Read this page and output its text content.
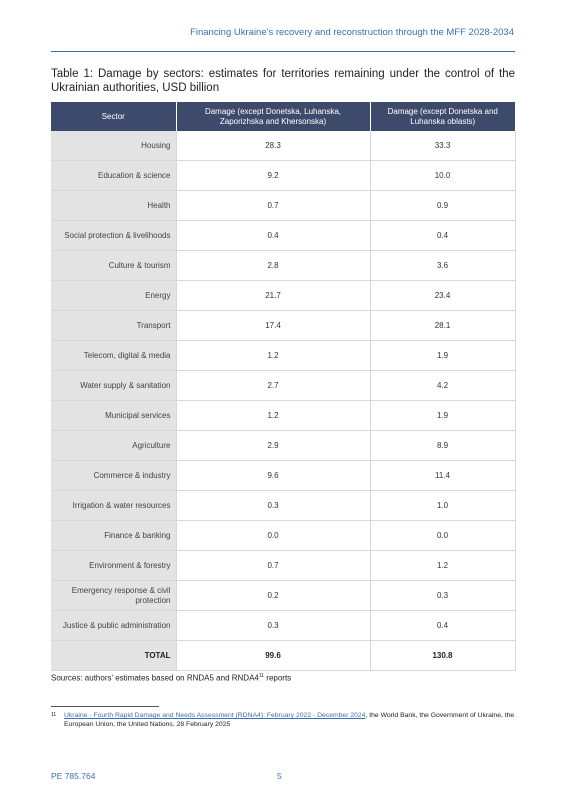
Financing Ukraine's recovery and reconstruction through the MFF 2028-2034
Table 1: Damage by sectors: estimates for territories remaining under the control of the Ukrainian authorities, USD billion
Sector	Damage (except Donetska, Luhanska, Zaporizhska and Khersonska)	Damage (except Donetska and Luhanska oblasts)
Housing	28.3	33.3
Education & science	9.2	10.0
Health	0.7	0.9
Social protection & livelihoods	0.4	0.4
Culture & tourism	2.8	3.6
Energy	21.7	23.4
Transport	17.4	28.1
Telecom, digital & media	1.2	1.9
Water supply & sanitation	2.7	4.2
Municipal services	1.2	1.9
Agriculture	2.9	8.9
Commerce & industry	9.6	11.4
Irrigation & water resources	0.3	1.0
Finance & banking	0.0	0.0
Environment & forestry	0.7	1.2
Emergency response & civil protection	0.2	0.3
Justice & public administration	0.3	0.4
TOTAL	99.6	130.8
Sources: authors' estimates based on RNDA5 and $RNDA4^{11}$ reports
11 Ukraine - Fourth Rapid Damage and Needs Assessment (RDNA4): February 2022 - December 2024, the World Bank, the Government of Ukraine, the European Union, the United Nations, 28 February 2025
PE 785.764	5
